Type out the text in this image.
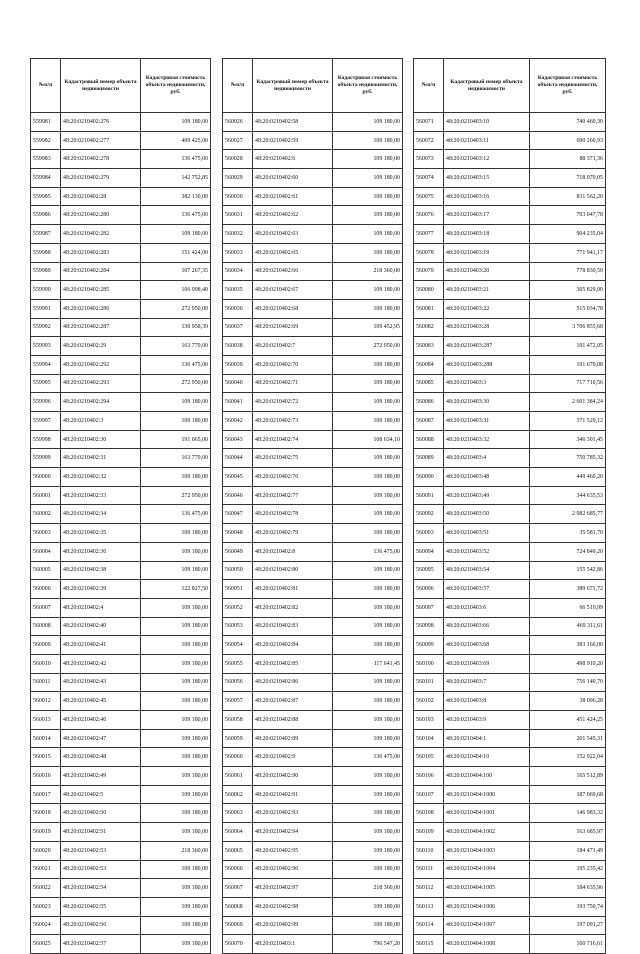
№п/п	Кадастровый номер объекта недвижимости	Кадастровая стоимость объекта недвижимости, руб.
559981	48:20:0210402:276	109 180,00
559982	48:20:0210402:277	409 425,00
559983	48:20:0210402:278	136 475,00
559984	48:20:0210402:279	142 752,85
559985	48:20:0210402:28	382 130,00
559986	48:20:0210402:280	136 475,00
559987	48:20:0210402:282	109 180,00
559988	48:20:0210402:283	151 424,00
559989	48:20:0210402:284	107 267,35
559990	48:20:0210402:285	106 998,40
559991	48:20:0210402:286	272 950,00
559992	48:20:0210402:287	130 958,39
559993	48:20:0210402:29	163 770,00
559994	48:20:0210402:292	136 475,00
559995	48:20:0210402:293	272 950,00
559996	48:20:0210402:294	109 180,00
559997	48:20:0210402:3	109 180,00
559998	48:20:0210402:30	191 065,00
559999	48:20:0210402:31	163 770,00
560000	48:20:0210402:32	109 180,00
560001	48:20:0210402:33	272 950,00
560002	48:20:0210402:34	136 475,00
560003	48:20:0210402:35	109 180,00
560004	48:20:0210402:36	109 180,00
560005	48:20:0210402:38	109 180,00
560006	48:20:0210402:39	122 827,50
560007	48:20:0210402:4	109 180,00
560008	48:20:0210402:40	109 180,00
560009	48:20:0210402:41	109 180,00
560010	48:20:0210402:42	109 180,00
560011	48:20:0210402:43	109 180,00
560012	48:20:0210402:45	109 180,00
560013	48:20:0210402:46	109 180,00
560014	48:20:0210402:47	109 180,00
560015	48:20:0210402:48	109 180,00
560016	48:20:0210402:49	109 180,00
560017	48:20:0210402:5	109 180,00
560018	48:20:0210402:50	109 180,00
560019	48:20:0210402:51	109 180,00
560020	48:20:0210402:53	218 360,00
560021	48:20:0210402:53	109 180,00
560022	48:20:0210402:54	109 180,00
560023	48:20:0210402:55	109 180,00
560024	48:20:0210402:56	109 180,00
560025	48:20:0210402:57	109 180,00
№п/п	Кадастровый номер объекта недвижимости	Кадастровая стоимость объекта недвижимости, руб.
560026	48:20:0210402:58	109 180,00
560027	48:20:0210402:59	109 180,00
560028	48:20:0210402:6	109 180,00
560029	48:20:0210402:60	109 180,00
560030	48:20:0210402:61	109 180,00
560031	48:20:0210402:62	109 180,00
560032	48:20:0210402:63	109 180,00
560033	48:20:0210402:65	109 180,00
560034	48:20:0210402:66	218 360,00
560035	48:20:0210402:67	109 180,00
560036	48:20:0210402:68	109 180,00
560037	48:20:0210402:69	109 452,95
560038	48:20:0210402:7	272 950,00
560039	48:20:0210402:70	109 180,00
560040	48:20:0210402:71	109 180,00
560041	48:20:0210402:72	109 180,00
560042	48:20:0210402:73	109 180,00
560043	48:20:0210402:74	108 634,10
560044	48:20:0210402:75	109 180,00
560045	48:20:0210402:76	109 180,00
560046	48:20:0210402:77	109 180,00
560047	48:20:0210402:78	109 180,00
560048	48:20:0210402:79	109 180,00
560049	48:20:0210402:8	136 475,00
560050	48:20:0210402:80	109 180,00
560051	48:20:0210402:81	109 180,00
560052	48:20:0210402:82	109 180,00
560053	48:20:0210402:83	109 180,00
560054	48:20:0210402:84	109 180,00
560055	48:20:0210402:85	117 641,45
560056	48:20:0210402:86	109 180,00
560057	48:20:0210402:87	109 180,00
560058	48:20:0210402:88	109 180,00
560059	48:20:0210402:89	109 180,00
560060	48:20:0210402:9	136 475,00
560061	48:20:0210402:90	109 180,00
560062	48:20:0210402:91	109 180,00
560063	48:20:0210402:93	109 180,00
560064	48:20:0210402:94	109 180,00
560065	48:20:0210402:95	109 180,00
560066	48:20:0210402:96	109 180,00
560067	48:20:0210402:97	218 360,00
560068	48:20:0210402:98	109 180,00
560069	48:20:0210402:99	109 180,00
560070	48:20:0210403:1	796 547,20
№п/п	Кадастровый номер объекта недвижимости	Кадастровая стоимость объекта недвижимости, руб.
560071	48:20:0210403:10	740 460,30
560072	48:20:0210403:11	690 260,93
560073	48:20:0210403:12	88 371,36
560074	48:20:0210403:15	718 070,05
560075	48:20:0210403:16	831 562,20
560076	48:20:0210403:17	703 047,78
560077	48:20:0210403:18	904 235,04
560078	48:20:0210403:19	771 941,17
560079	48:20:0210403:20	778 830,50
560080	48:20:0210403:21	305 829,00
560081	48:20:0210403:22	515 034,78
560082	48:20:0210403:28	3 706 855,68
560083	48:20:0210403:287	191 472,05
560084	48:20:0210403:288	191 670,08
560085	48:20:0210403:3	717 710,56
560086	48:20:0210403:30	2 601 384,24
560087	48:20:0210403:31	371 529,12
560088	48:20:0210403:32	346 301,45
560089	48:20:0210403:4	750 785,32
560090	48:20:0210403:48	449 460,20
560091	48:20:0210403:49	344 635,53
560092	48:20:0210403:50	2 082 685,77
560093	48:20:0210403:51	35 581,70
560094	48:20:0210403:52	724 849,20
560095	48:20:0210403:54	155 542,86
560096	48:20:0210403:57	389 671,72
560097	48:20:0210403:6	66 510,99
560098	48:20:0210403:66	469 311,61
560099	48:20:0210403:68	383 166,00
560100	48:20:0210403:69	498 910,20
560101	48:20:0210403:7	756 140,70
560102	48:20:0210403:8	38 096,28
560103	48:20:0210403:9	451 424,25
560104	48:20:0210404:1	201 545,31
560105	48:20:0210404:10	152 922,04
560106	48:20:0210404:100	165 512,89
560107	48:20:0210404:1000	187 069,68
560108	48:20:0210404:1001	146 983,32
560109	48:20:0210404:1002	163 685,97
560110	48:20:0210404:1003	184 471,49
560111	48:20:0210404:1004	195 235,42
560112	48:20:0210404:1005	184 635,96
560113	48:20:0210404:1006	193 750,74
560114	48:20:0210404:1007	197 091,27
560115	48:20:0210404:1008	160 716,61
